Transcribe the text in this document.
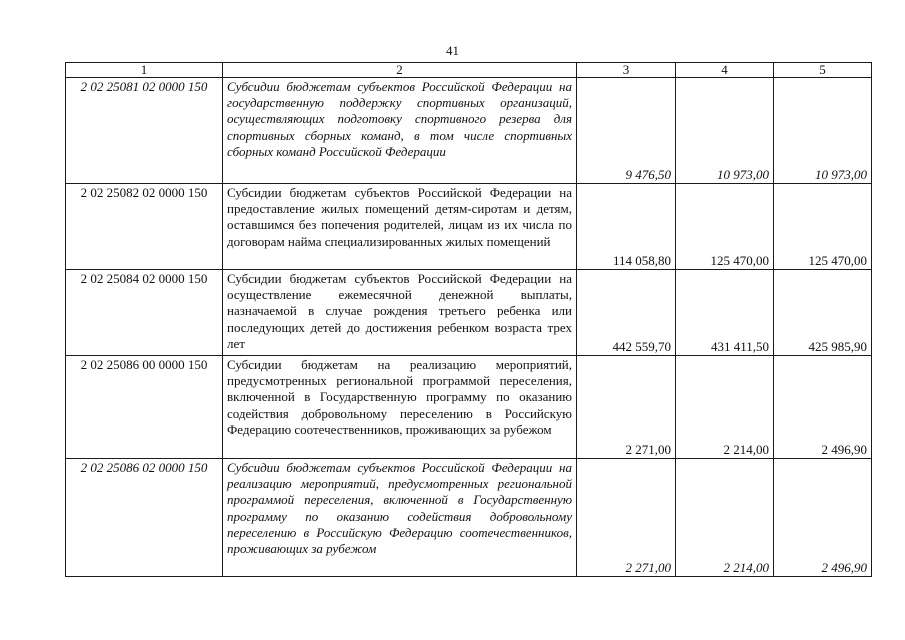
41
1	2	3	4	5
2 02 25081 02 0000 150	Субсидии бюджетам субъектов Российской Федерации на государственную поддержку спортивных организаций, осуществляющих подготовку спортивного резерва для спортивных сборных команд, в том числе спортивных сборных команд Российской Федерации	9 476,50	10 973,00	10 973,00
2 02 25082 02 0000 150	Субсидии бюджетам субъектов Российской Федерации на предоставление жилых помещений детям-сиротам и детям, оставшимся без попечения родителей, лицам из их числа по договорам найма специализированных жилых помещений	114 058,80	125 470,00	125 470,00
2 02 25084 02 0000 150	Субсидии бюджетам субъектов Российской Федерации на осуществление ежемесячной денежной выплаты, назначаемой в случае рождения третьего ребенка или последующих детей до достижения ребенком возраста трех лет	442 559,70	431 411,50	425 985,90
2 02 25086 00 0000 150	Субсидии бюджетам на реализацию мероприятий, предусмотренных региональной программой переселения, включенной в Государственную программу по оказанию содействия добровольному переселению в Российскую Федерацию соотечественников, проживающих за рубежом	2 271,00	2 214,00	2 496,90
2 02 25086 02 0000 150	Субсидии бюджетам субъектов Российской Федерации на реализацию мероприятий, предусмотренных региональной программой переселения, включенной в Государственную программу по оказанию содействия добровольному переселению в Российскую Федерацию соотечественников, проживающих за рубежом	2 271,00	2 214,00	2 496,90
